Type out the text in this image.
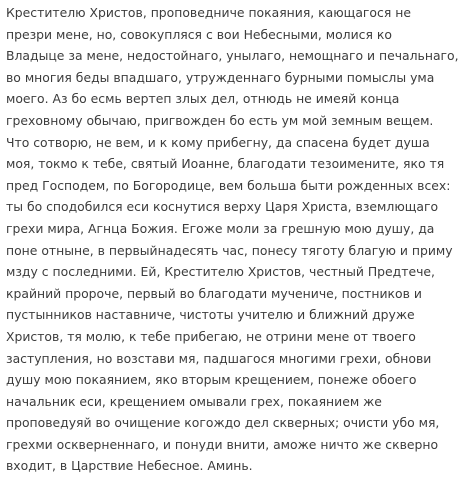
Крестителю Христов, проповедниче покаяния, кающагося не
презри мене, но, совокупляся с вои Небесными, молися ко
Владыце за мене, недостойнаго, унылаго, немощнаго и печальнаго,
во многия беды впадшаго, утружденнаго бурными помыслы ума
моего. Аз бо есмь вертеп злых дел, отнюдь не имеяй конца
греховному обычаю, пригвожден бо есть ум мой земным вещем.
Что сотворю, не вем, и к кому прибегну, да спасена будет душа
моя, токмо к тебе, святый Иоанне, благодати тезоимените, яко тя
пред Господем, по Богородице, вем больша быти рожденных всех:
ты бо сподобился еси коснутися верху Царя Христа, вземлющаго
грехи мира, Агнца Божия. Егоже моли за грешную мою душу, да
поне отныне, в первыйнадесять час, понесу тяготу благую и приму
мзду с последними. Ей, Крестителю Христов, честный Предтече,
крайний пророче, первый во благодати мучениче, постников и
пустынников наставниче, чистоты учителю и ближний друже
Христов, тя молю, к тебе прибегаю, не отрини мене от твоего
заступления, но возстави мя, падшагося многими грехи, обнови
душу мою покаянием, яко вторым крещением, понеже обоего
начальник еси, крещением омывали грех, покаянием же
проповедуяй во очищение когождо дел скверных; очисти убо мя,
грехми оскверненнаго, и понуди внити, аможе ничто же скверно
входит, в Царствие Небесное. Аминь.
